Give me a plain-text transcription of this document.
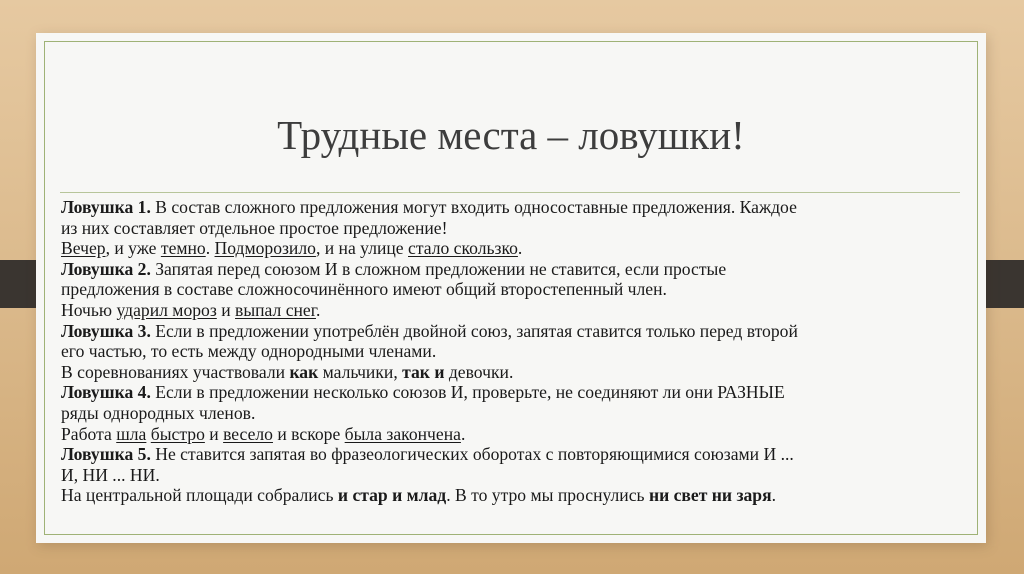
Трудные места – ловушки!
Ловушка 1. В состав сложного предложения могут входить односоставные предложения. Каждое
из них составляет отдельное простое предложение!
Вечер, и уже темно. Подморозило, и на улице стало скользко.
Ловушка 2. Запятая перед союзом И в сложном предложении не ставится, если простые
предложения в составе сложносочинённого имеют общий второстепенный член.
Ночью ударил мороз и выпал снег.
Ловушка 3. Если в предложении употреблён двойной союз, запятая ставится только перед второй
его частью, то есть между однородными членами.
В соревнованиях участвовали как мальчики, так и девочки.
Ловушка 4. Если в предложении несколько союзов И, проверьте, не соединяют ли они РАЗНЫЕ
ряды однородных членов.
Работа шла быстро и весело и вскоре была закончена.
Ловушка 5. Не ставится запятая во фразеологических оборотах с повторяющимися союзами И ...
И, НИ ... НИ.
На центральной площади собрались и стар и млад. В то утро мы проснулись ни свет ни заря.
